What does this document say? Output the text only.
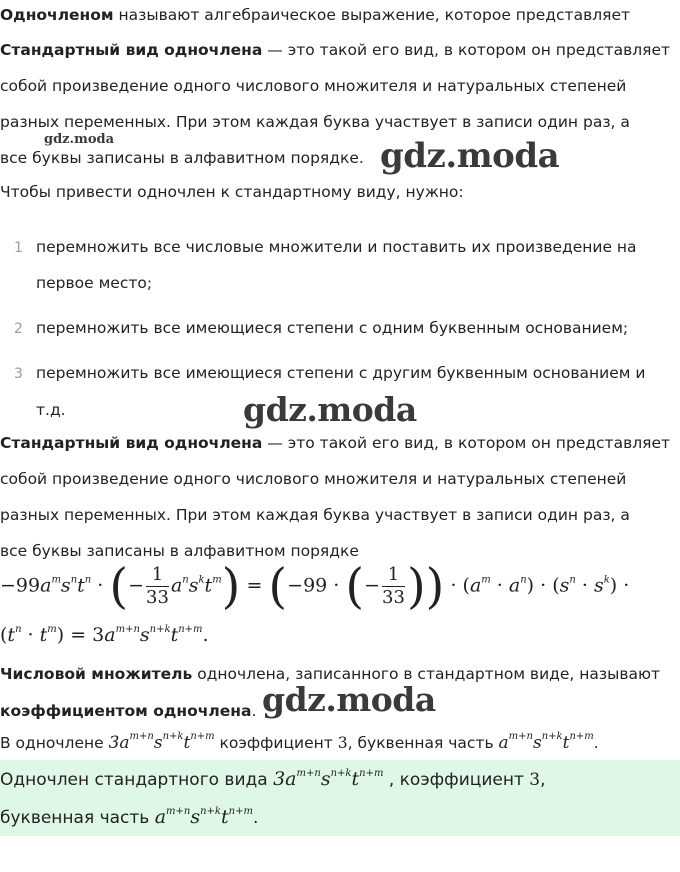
Одночленом называют алгебраическое выражение, которое представляет
Стандартный вид одночлена — это такой его вид, в котором он представляет
собой произведение одного числового множителя и натуральных степеней
разных переменных. При этом каждая буква участвует в записи один раз, а
все буквы записаны в алфавитном порядке.
gdz.moda	gdz.moda
Чтобы привести одночлен к стандартному виду, нужно:
1 перемножить все числовые множители и поставить их произведение на
первое место;
2 перемножить все имеющиеся степени с одним буквенным основанием;
3 перемножить все имеющиеся степени с другим буквенным основанием и
т.д.	gdz.moda
Стандартный вид одночлена — это такой его вид, в котором он представляет
собой произведение одного числового множителя и натуральных степеней
разных переменных. При этом каждая буква участвует в записи один раз, а
все буквы записаны в алфавитном порядке
$-99a^ms^nt^n$ · (− $\frac{1}{33} a^ns^kt^m) = (-99$ · (− $\frac{1}{33}$ )) · $(a^m \cdot a^n) \cdot (s^n \cdot s^k)$ ·
$(t^n \cdot t^m) = 3a^{m+n}s^{n+k}t^{n+m}$.
Числовой множитель одночлена, записанного в стандартном виде, называют
коэффициентом одночлена. gdz.moda
В одночлене $3a^{m+n}s^{n+k}t^{n+m}$ коэффициент 3, буквенная часть $a^{m+n}s^{n+k}t^{n+m}$.
Одночлен стандартного вида $3a^{m+n}s^{n+k}t^{n+m}$ , коэффициент 3,
буквенная часть $a^{m+n}s^{n+k}t^{n+m}$.
